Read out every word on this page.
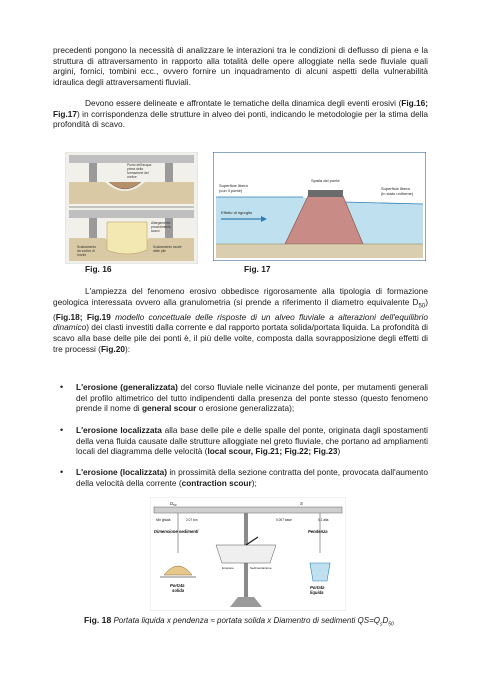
precedenti pongono la necessità di analizzare le interazioni tra le condizioni di deflusso di piena e la struttura di attraversamento in rapporto alla totalità delle opere alloggiate nella sede fluviale quali argini, fornici, tombini ecc., ovvero fornire un inquadramento di alcuni aspetti della vulnerabilità idraulica degli attraversamenti fluviali.

Devono essere delineate e affrontate le tematiche della dinamica degli eventi erosivi (Fig.16; Fig.17) in corrispondenza delle strutture in alveo dei ponti, indicando le metodologie per la stima della profondità di scavo.

Punto dell'acqua
prima della
formazione del
vortice
Allargamento
procedimento
scavo
Scalzamento
da vortice di
monte
Scalzamento locale
delle pile
Spalla del ponte
Superficie libera
(con il ponte)	Superficie libera
(in stato uniforme)
Effetto di rigurgito
Fig. 16	Fig. 17

L'ampiezza del fenomeno erosivo obbedisce rigorosamente alla tipologia di formazione geologica interessata ovvero alla granulometria (si prende a riferimento il diametro equivalente $D_{50}$) (Fig.18; Fig.19 modello concettuale delle risposte di un alveo fluviale a alterazioni dell'equilibrio dinamico) dei clasti investiti dalla corrente e dal rapporto portata solida/portata liquida. La profondità di scavo alla base delle pile dei ponti è, il più delle volte, composta dalla sovrapposizione degli effetti di tre processi (Fig.20):

• L'erosione (generalizzata) del corso fluviale nelle vicinanze del ponte, per mutamenti generali del profilo altimetrico del tutto indipendenti dalla presenza del ponte stesso (questo fenomeno prende il nome di general scour o erosione generalizzata);
• L'erosione localizzata alla base delle pile e delle spalle del ponte, originata dagli spostamenti della vena fluida causate dalle strutture alloggiate nel greto fluviale, che portano ad ampliamenti locali del diagramma delle velocità (local scour, Fig.21; Fig.22; Fig.23)
• L'erosione (localizzata) in prossimità della sezione contratta del ponte, provocata dall'aumento della velocità della corrente (contraction scour);
$D_{50}$	S
Mix ghiaia	2.07 ton	0.007 base	0.1 alta
Dimensione sedimenti	Pendenza
Portata
solida
Portata
liquida
Erosione	Sedimentazione
Fig. 18 Portata liquida x pendenza ≈ portata solida x Diamentro di sedimenti $QS=Q_sD_{50}$
